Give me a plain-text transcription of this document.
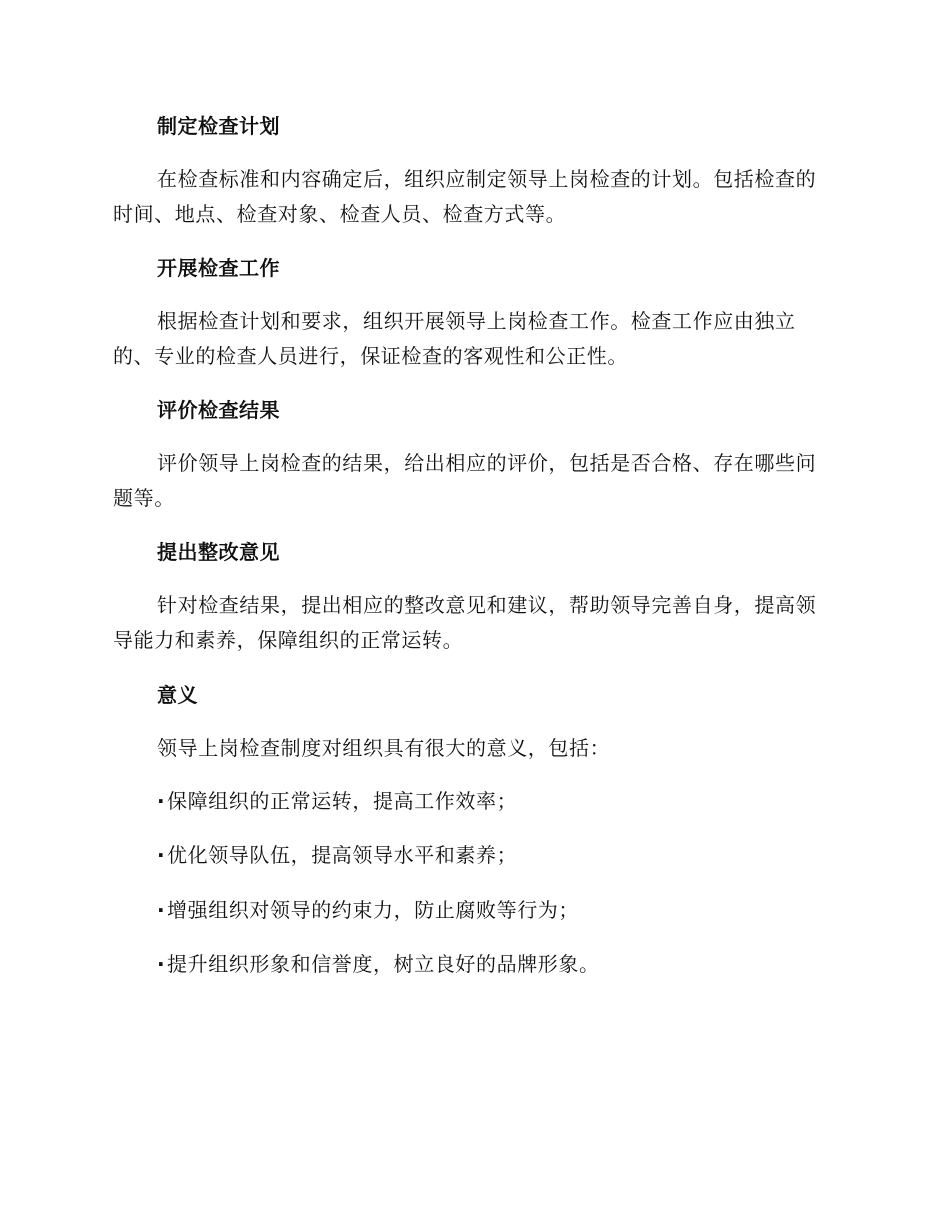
制定检查计划
在检查标准和内容确定后，组织应制定领导上岗检查的计划。包括检查的时间、地点、检查对象、检查人员、检查方式等。
开展检查工作
根据检查计划和要求，组织开展领导上岗检查工作。检查工作应由独立的、专业的检查人员进行，保证检查的客观性和公正性。
评价检查结果
评价领导上岗检查的结果，给出相应的评价，包括是否合格、存在哪些问题等。
提出整改意见
针对检查结果，提出相应的整改意见和建议，帮助领导完善自身，提高领导能力和素养，保障组织的正常运转。
意义
领导上岗检查制度对组织具有很大的意义，包括：
·保障组织的正常运转，提高工作效率；
·优化领导队伍，提高领导水平和素养；
·增强组织对领导的约束力，防止腐败等行为；
·提升组织形象和信誉度，树立良好的品牌形象。
